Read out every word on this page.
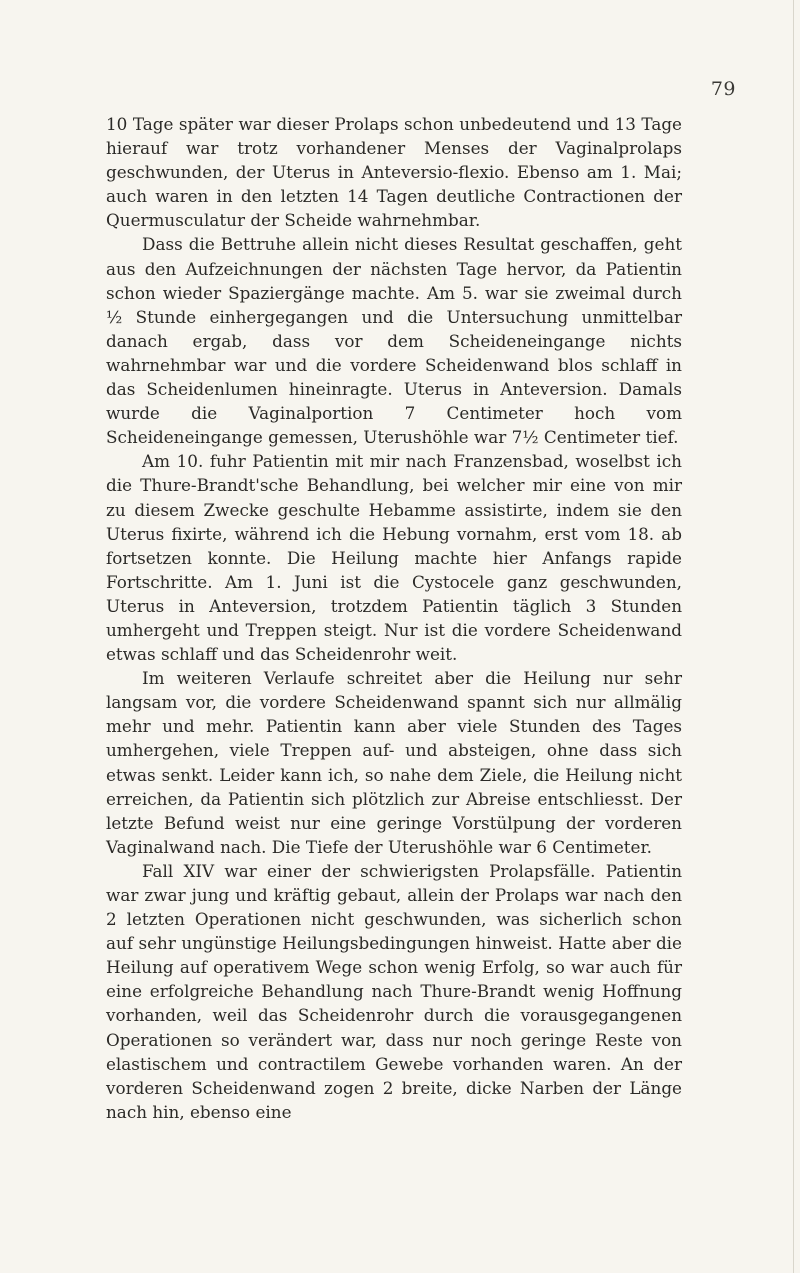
79

10 Tage später war dieser Prolaps schon unbedeutend und 13 Tage hierauf war trotz vorhandener Menses der Vaginalprolaps geschwunden, der Uterus in Anteversio-flexio. Ebenso am 1. Mai; auch waren in den letzten 14 Tagen deutliche Contractionen der Quermusculatur der Scheide wahrnehmbar.

Dass die Bettruhe allein nicht dieses Resultat geschaffen, geht aus den Aufzeichnungen der nächsten Tage hervor, da Patientin schon wieder Spaziergänge machte. Am 5. war sie zweimal durch ½ Stunde einhergegangen und die Untersuchung unmittelbar danach ergab, dass vor dem Scheideneingange nichts wahrnehmbar war und die vordere Scheidenwand blos schlaff in das Scheidenlumen hineinragte. Uterus in Anteversion. Damals wurde die Vaginalportion 7 Centimeter hoch vom Scheideneingange gemessen, Uterushöhle war 7½ Centimeter tief.

Am 10. fuhr Patientin mit mir nach Franzensbad, woselbst ich die Thure-Brandt'sche Behandlung, bei welcher mir eine von mir zu diesem Zwecke geschulte Hebamme assistirte, indem sie den Uterus fixirte, während ich die Hebung vornahm, erst vom 18. ab fortsetzen konnte. Die Heilung machte hier Anfangs rapide Fortschritte. Am 1. Juni ist die Cystocele ganz geschwunden, Uterus in Anteversion, trotzdem Patientin täglich 3 Stunden umhergeht und Treppen steigt. Nur ist die vordere Scheidenwand etwas schlaff und das Scheidenrohr weit.

Im weiteren Verlaufe schreitet aber die Heilung nur sehr langsam vor, die vordere Scheidenwand spannt sich nur allmälig mehr und mehr. Patientin kann aber viele Stunden des Tages umhergehen, viele Treppen auf- und absteigen, ohne dass sich etwas senkt. Leider kann ich, so nahe dem Ziele, die Heilung nicht erreichen, da Patientin sich plötzlich zur Abreise entschliesst. Der letzte Befund weist nur eine geringe Vorstülpung der vorderen Vaginalwand nach. Die Tiefe der Uterushöhle war 6 Centimeter.

Fall XIV war einer der schwierigsten Prolapsfälle. Patientin war zwar jung und kräftig gebaut, allein der Prolaps war nach den 2 letzten Operationen nicht geschwunden, was sicherlich schon auf sehr ungünstige Heilungsbedingungen hinweist. Hatte aber die Heilung auf operativem Wege schon wenig Erfolg, so war auch für eine erfolgreiche Behandlung nach Thure-Brandt wenig Hoffnung vorhanden, weil das Scheidenrohr durch die vorausgegangenen Operationen so verändert war, dass nur noch geringe Reste von elastischem und contractilem Gewebe vorhanden waren. An der vorderen Scheidenwand zogen 2 breite, dicke Narben der Länge nach hin, ebenso eine
